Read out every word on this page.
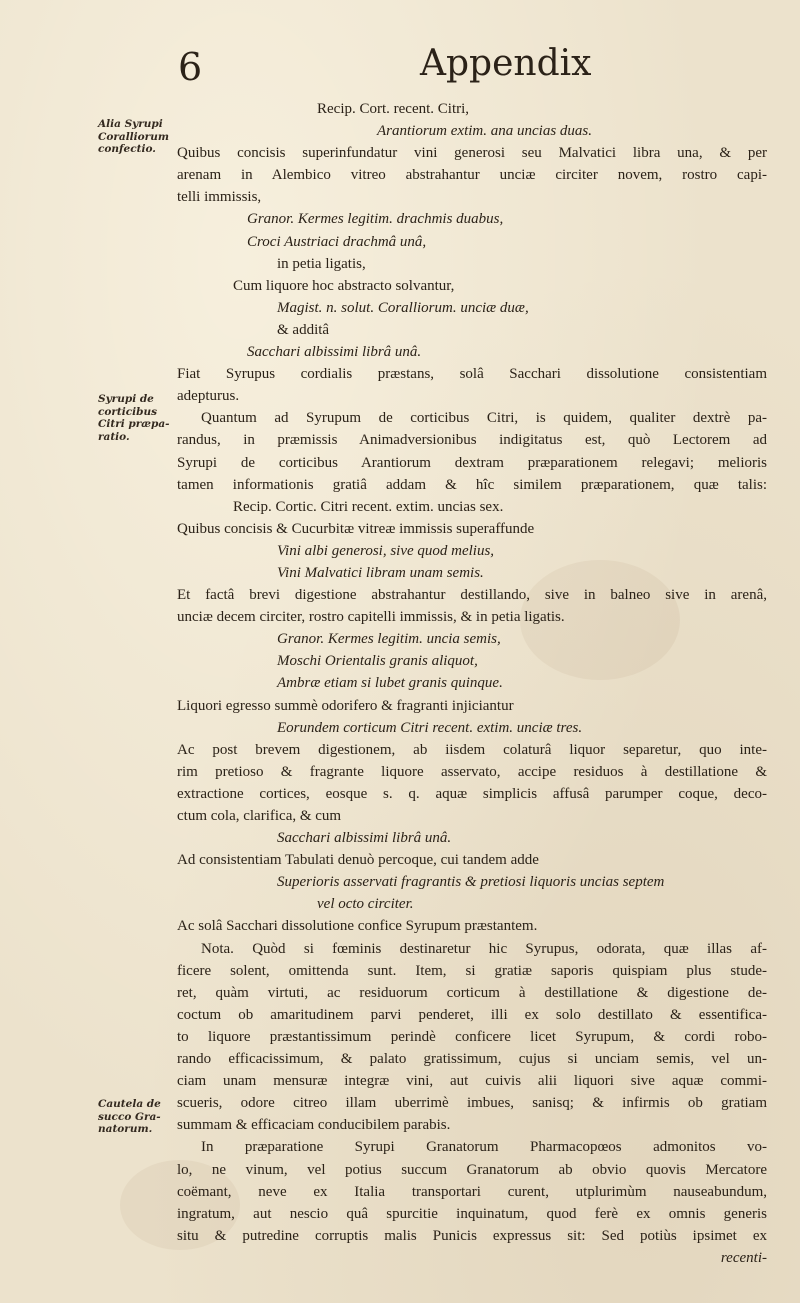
6	Appendix
Alia Syrupi
Coralliorum
confectio.
Syrupi de
corticibus
Citri præpa-
ratio.
Cautela de
succo Gra-
natorum.
Recip. Cort. recent. Citri,
Arantiorum extim. ana uncias duas.
Quibus concisis superinfundatur vini generosi seu Malvatici libra una, & per
arenam in Alembico vitreo abstrahantur unciæ circiter novem, rostro capi-
telli immissis,
Granor. Kermes legitim. drachmis duabus,
Croci Austriaci drachmâ unâ,
in petia ligatis,
Cum liquore hoc abstracto solvantur,
Magist. n. solut. Coralliorum. unciæ duæ,
& additâ
Sacchari albissimi librâ unâ.
Fiat Syrupus cordialis præstans, solâ Sacchari dissolutione consistentiam
adepturus.
Quantum ad Syrupum de corticibus Citri, is quidem, qualiter dextrè pa-
randus, in præmissis Animadversionibus indigitatus est, quò Lectorem ad
Syrupi de corticibus Arantiorum dextram præparationem relegavi; melioris
tamen informationis gratiâ addam & hîc similem præparationem, quæ talis:
Recip. Cortic. Citri recent. extim. uncias sex.
Quibus concisis & Cucurbitæ vitreæ immissis superaffunde
Vini albi generosi, sive quod melius,
Vini Malvatici libram unam semis.
Et factâ brevi digestione abstrahantur destillando, sive in balneo sive in arenâ,
unciæ decem circiter, rostro capitelli immissis, & in petia ligatis.
Granor. Kermes legitim. uncia semis,
Moschi Orientalis granis aliquot,
Ambræ etiam si lubet granis quinque.
Liquori egresso summè odorifero & fragranti injiciantur
Eorundem corticum Citri recent. extim. unciæ tres.
Ac post brevem digestionem, ab iisdem colaturâ liquor separetur, quo inte-
rim pretioso & fragrante liquore asservato, accipe residuos à destillatione &
extractione cortices, eosque s. q. aquæ simplicis affusâ parumper coque, deco-
ctum cola, clarifica, & cum
Sacchari albissimi librâ unâ.
Ad consistentiam Tabulati denuò percoque, cui tandem adde
Superioris asservati fragrantis & pretiosi liquoris uncias septem
vel octo circiter.
Ac solâ Sacchari dissolutione confice Syrupum præstantem.
Nota. Quòd si fœminis destinaretur hic Syrupus, odorata, quæ illas af-
ficere solent, omittenda sunt. Item, si gratiæ saporis quispiam plus stude-
ret, quàm virtuti, ac residuorum corticum à destillatione & digestione de-
coctum ob amaritudinem parvi penderet, illi ex solo destillato & essentifica-
to liquore præstantissimum perindè conficere licet Syrupum, & cordi robo-
rando efficacissimum, & palato gratissimum, cujus si unciam semis, vel un-
ciam unam mensuræ integræ vini, aut cuivis alii liquori sive aquæ commi-
scueris, odore citreo illam uberrimè imbues, sanisq; & infirmis ob gratiam
summam & efficaciam conducibilem parabis.
In præparatione Syrupi Granatorum Pharmacopœos admonitos vo-
lo, ne vinum, vel potius succum Granatorum ab obvio quovis Mercatore
coëmant, neve ex Italia transportari curent, utplurimùm nauseabundum,
ingratum, aut nescio quâ spurcitie inquinatum, quod ferè ex omnis generis
situ & putredine corruptis malis Punicis expressus sit: Sed potiùs ipsimet ex
recenti-
